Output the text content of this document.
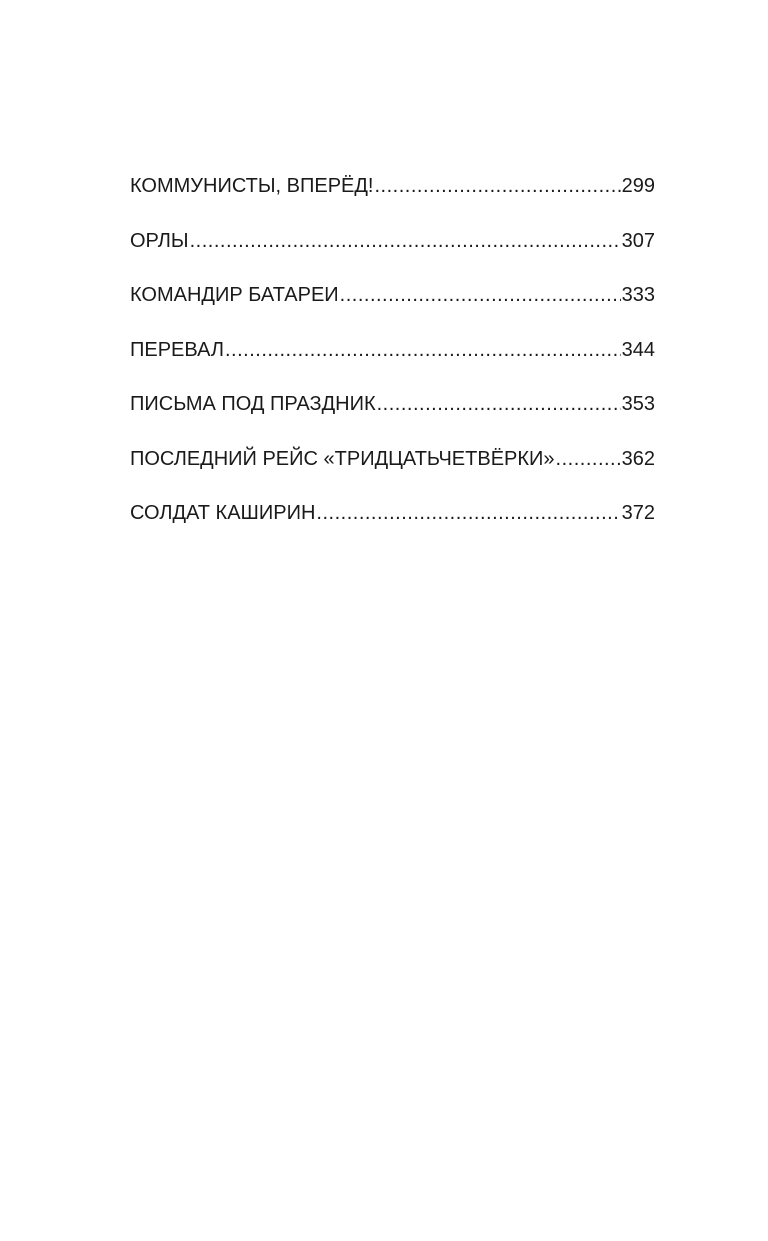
КОММУНИСТЫ, ВПЕРЁД! .....	299
ОРЛЫ .....	307
КОМАНДИР БАТАРЕИ .....	333
ПЕРЕВАЛ .....	344
ПИСЬМА ПОД ПРАЗДНИК .....	353
ПОСЛЕДНИЙ РЕЙС «ТРИДЦАТЬЧЕТВЁРКИ» .....	362
СОЛДАТ КАШИРИН .....	372
